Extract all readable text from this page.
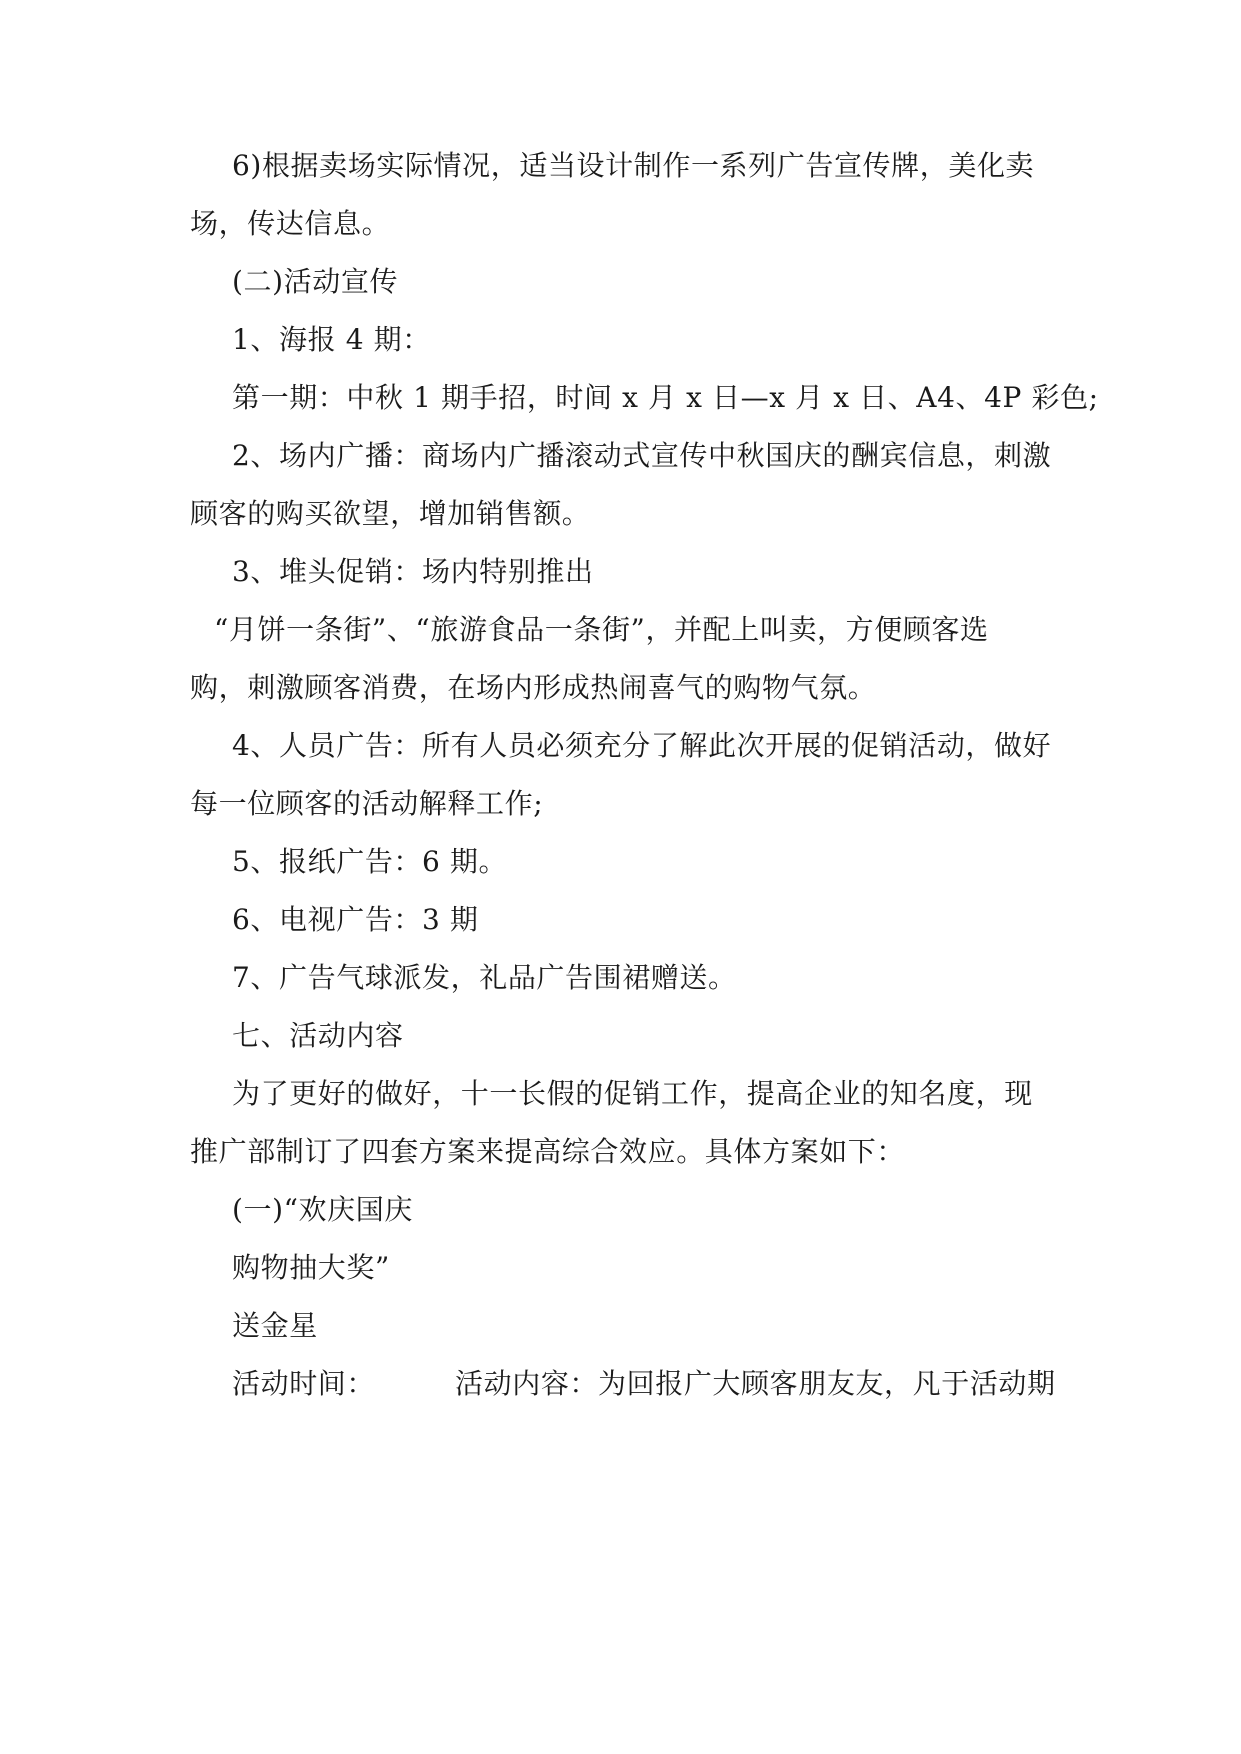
6)根据卖场实际情况，适当设计制作一系列广告宣传牌，美化卖
场，传达信息。
(二)活动宣传
1、海报 4 期：
第一期：中秋 1 期手招，时间 x 月 x 日—x 月 x 日、A4、4P 彩色;
2、场内广播：商场内广播滚动式宣传中秋国庆的酬宾信息，刺激
顾客的购买欲望，增加销售额。
3、堆头促销：场内特别推出
“月饼一条街”、“旅游食品一条街”，并配上叫卖，方便顾客选
购，刺激顾客消费，在场内形成热闹喜气的购物气氛。
4、人员广告：所有人员必须充分了解此次开展的促销活动，做好
每一位顾客的活动解释工作;
5、报纸广告：6 期。
6、电视广告：3 期
7、广告气球派发，礼品广告围裙赠送。
七、活动内容
为了更好的做好，十一长假的促销工作，提高企业的知名度，现
推广部制订了四套方案来提高综合效应。具体方案如下：
(一)“欢庆国庆
购物抽大奖”
送金星
活动时间：	活动内容：为回报广大顾客朋友友，凡于活动期
